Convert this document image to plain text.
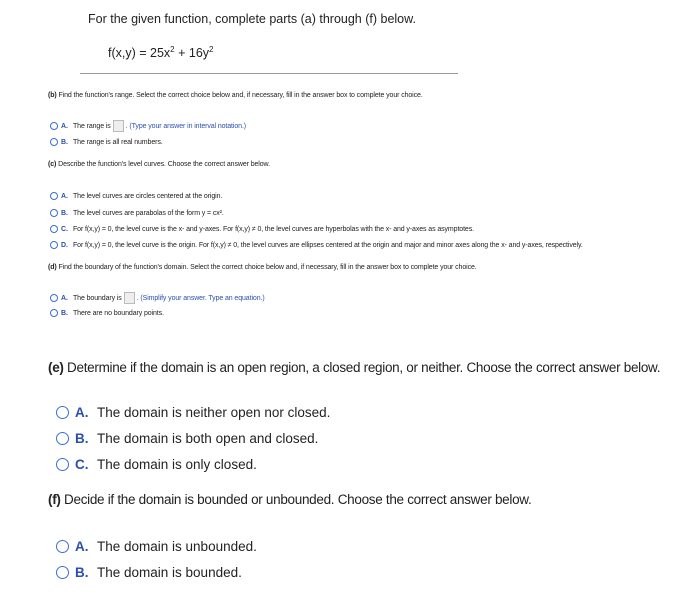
For the given function, complete parts (a) through (f) below.
$f(x,y) = 25x^2 + 16y^2$
(b) Find the function's range. Select the correct choice below and, if necessary, fill in the answer box to complete your choice.
A. The range is . (Type your answer in interval notation.)
B. The range is all real numbers.
(c) Describe the function's level curves. Choose the correct answer below.
A. The level curves are circles centered at the origin.
B. The level curves are parabolas of the form y = cx².
C. For f(x,y) = 0, the level curve is the x- and y-axes. For f(x,y) ≠ 0, the level curves are hyperbolas with the x- and y-axes as asymptotes.
D. For f(x,y) = 0, the level curve is the origin. For f(x,y) ≠ 0, the level curves are ellipses centered at the origin and major and minor axes along the x- and y-axes, respectively.
(d) Find the boundary of the function's domain. Select the correct choice below and, if necessary, fill in the answer box to complete your choice.
A. The boundary is . (Simplify your answer. Type an equation.)
B. There are no boundary points.
(e) Determine if the domain is an open region, a closed region, or neither. Choose the correct answer below.
A. The domain is neither open nor closed.
B. The domain is both open and closed.
C. The domain is only closed.
(f) Decide if the domain is bounded or unbounded. Choose the correct answer below.
A. The domain is unbounded.
B. The domain is bounded.
